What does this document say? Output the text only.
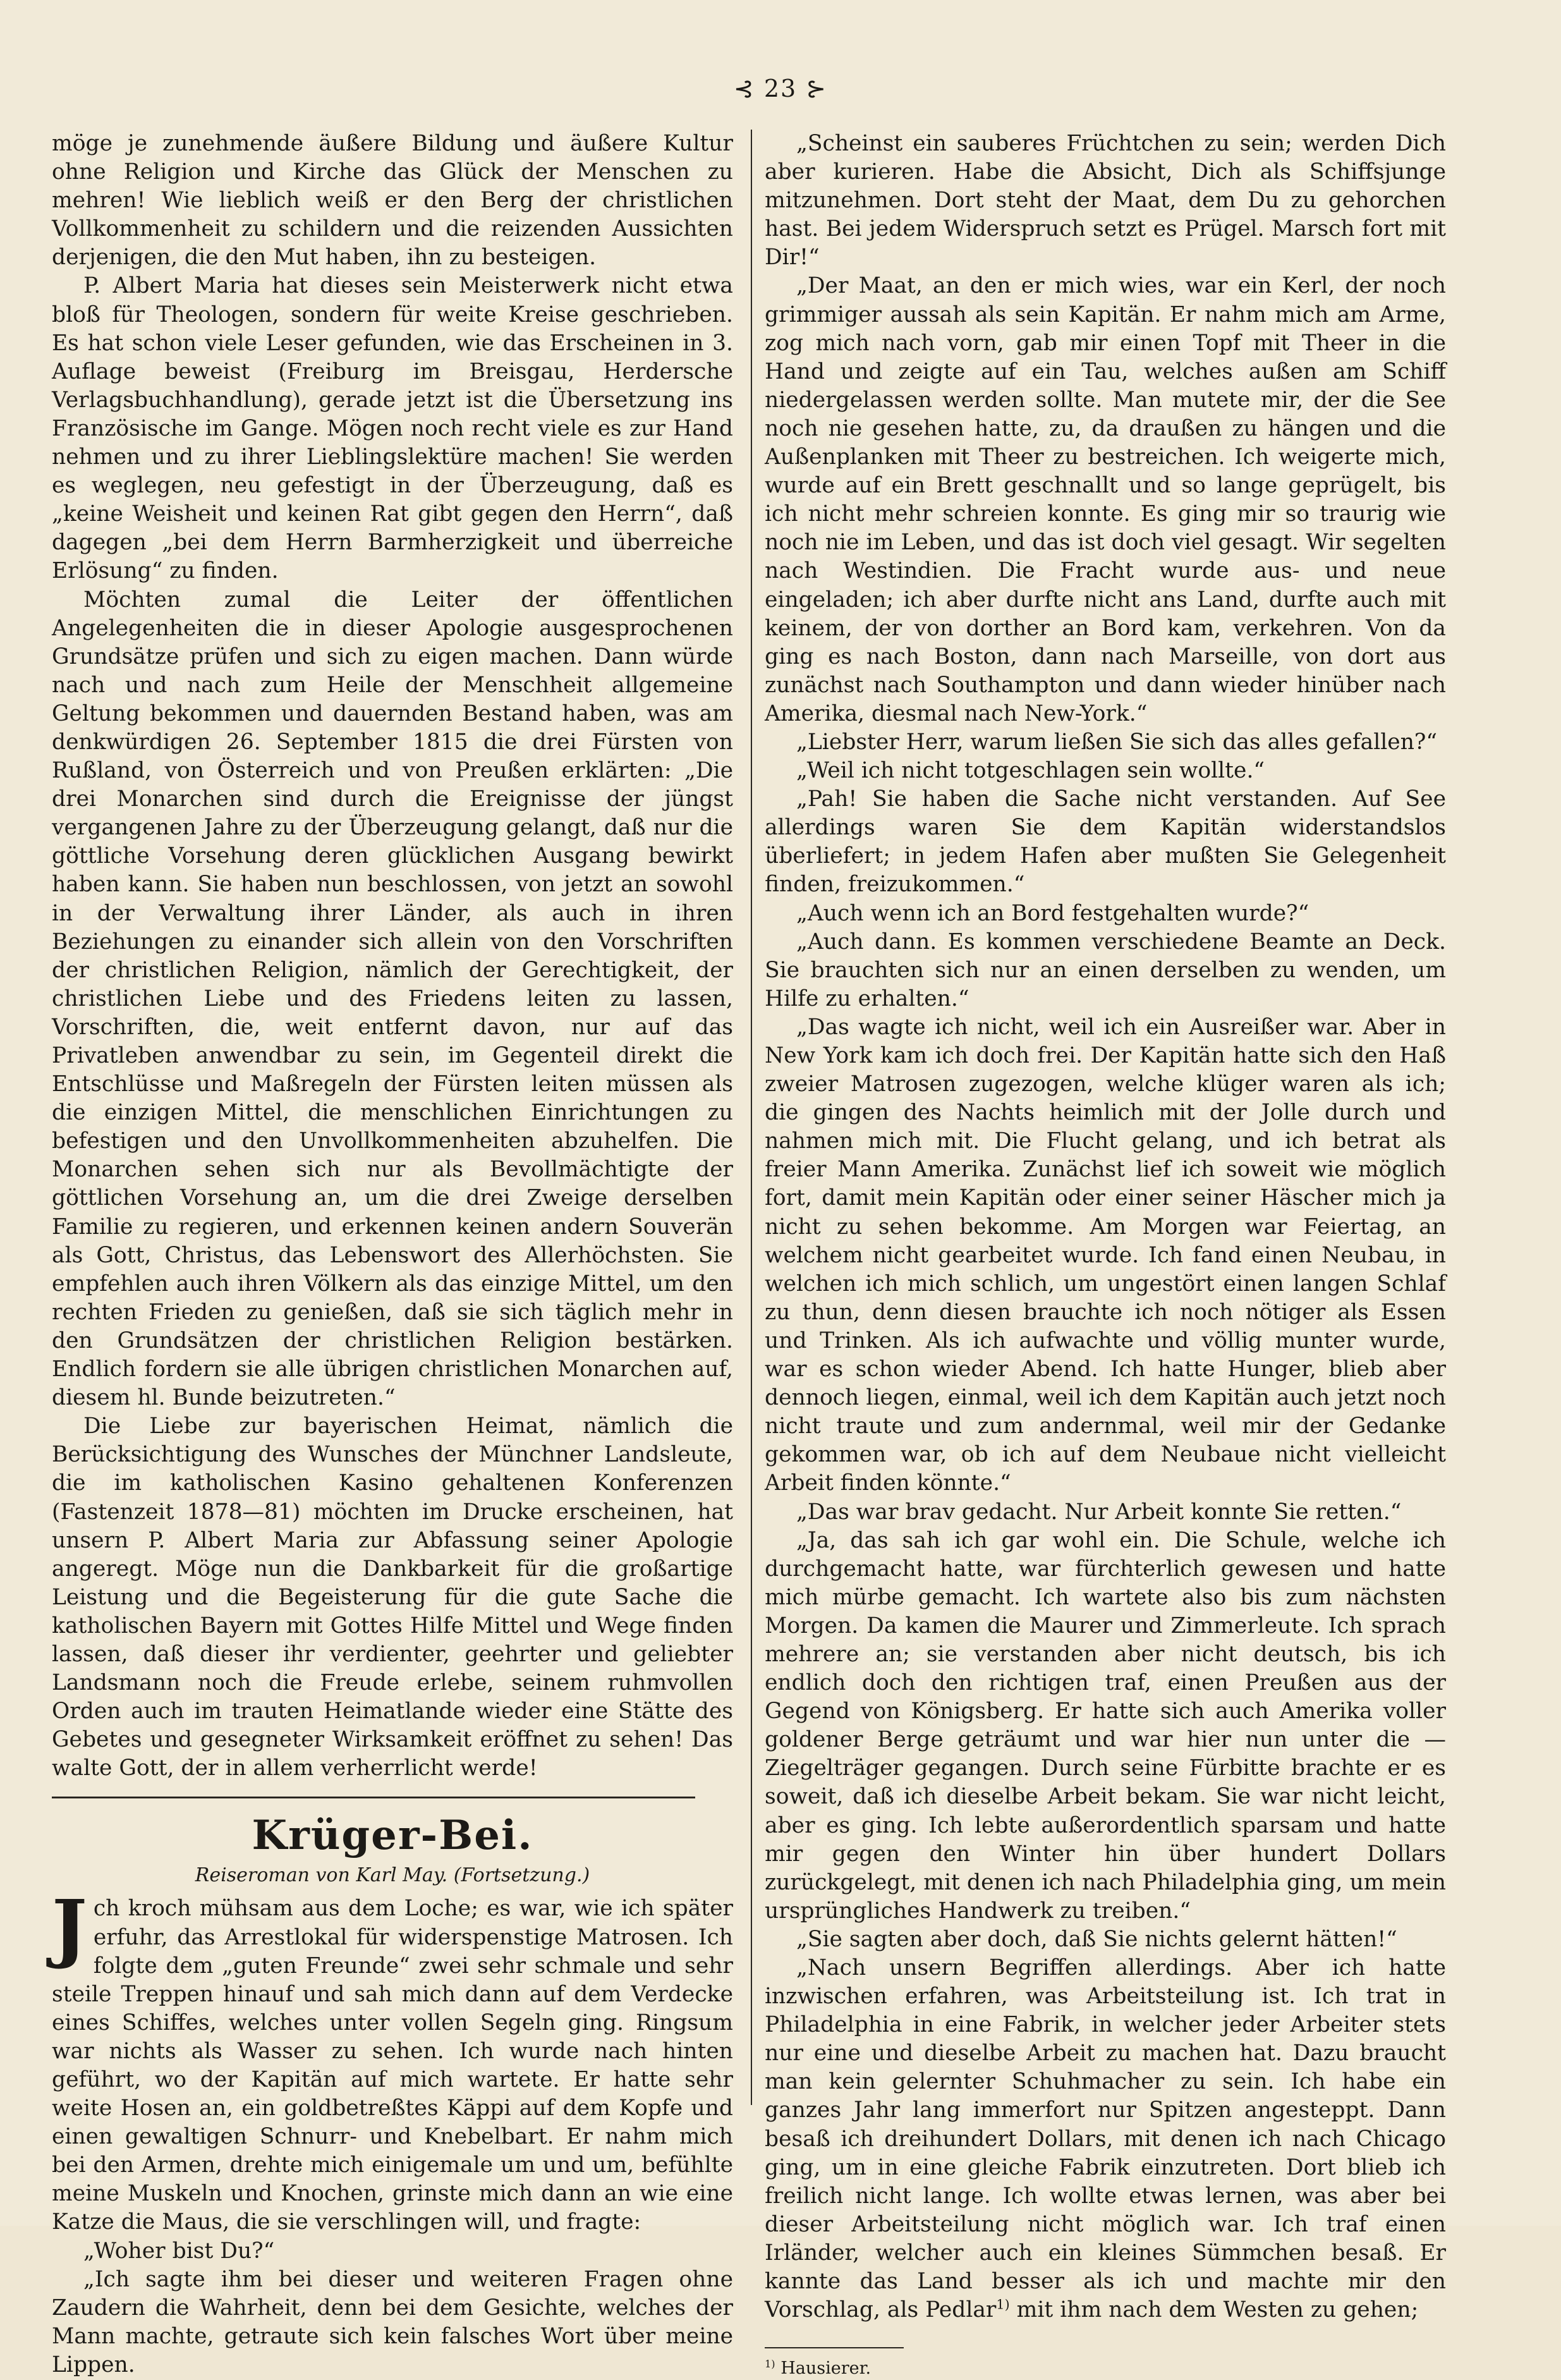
⊰ 23 ⊱

möge je zunehmende äußere Bildung und äußere Kultur ohne Religion und Kirche das Glück der Menschen zu mehren! Wie lieblich weiß er den Berg der christlichen Vollkommenheit zu schildern und die reizenden Aussichten derjenigen, die den Mut haben, ihn zu besteigen.

P. Albert Maria hat dieses sein Meisterwerk nicht etwa bloß für Theologen, sondern für weite Kreise geschrieben. Es hat schon viele Leser gefunden, wie das Erscheinen in 3. Auflage beweist (Freiburg im Breisgau, Herdersche Verlagsbuchhandlung), gerade jetzt ist die Übersetzung ins Französische im Gange. Mögen noch recht viele es zur Hand nehmen und zu ihrer Lieblingslektüre machen! Sie werden es weglegen, neu gefestigt in der Überzeugung, daß es „keine Weisheit und keinen Rat gibt gegen den Herrn“, daß dagegen „bei dem Herrn Barmherzigkeit und überreiche Erlösung“ zu finden.

Möchten zumal die Leiter der öffentlichen Angelegenheiten die in dieser Apologie ausgesprochenen Grundsätze prüfen und sich zu eigen machen. Dann würde nach und nach zum Heile der Menschheit allgemeine Geltung bekommen und dauernden Bestand haben, was am denkwürdigen 26. September 1815 die drei Fürsten von Rußland, von Österreich und von Preußen erklärten: „Die drei Monarchen sind durch die Ereignisse der jüngst vergangenen Jahre zu der Überzeugung gelangt, daß nur die göttliche Vorsehung deren glücklichen Ausgang bewirkt haben kann. Sie haben nun beschlossen, von jetzt an sowohl in der Verwaltung ihrer Länder, als auch in ihren Beziehungen zu einander sich allein von den Vorschriften der christlichen Religion, nämlich der Gerechtigkeit, der christlichen Liebe und des Friedens leiten zu lassen, Vorschriften, die, weit entfernt davon, nur auf das Privatleben anwendbar zu sein, im Gegenteil direkt die Entschlüsse und Maßregeln der Fürsten leiten müssen als die einzigen Mittel, die menschlichen Einrichtungen zu befestigen und den Unvollkommenheiten abzuhelfen. Die Monarchen sehen sich nur als Bevollmächtigte der göttlichen Vorsehung an, um die drei Zweige derselben Familie zu regieren, und erkennen keinen andern Souverän als Gott, Christus, das Lebenswort des Allerhöchsten. Sie empfehlen auch ihren Völkern als das einzige Mittel, um den rechten Frieden zu genießen, daß sie sich täglich mehr in den Grundsätzen der christlichen Religion bestärken. Endlich fordern sie alle übrigen christlichen Monarchen auf, diesem hl. Bunde beizutreten.“

Die Liebe zur bayerischen Heimat, nämlich die Berücksichtigung des Wunsches der Münchner Landsleute, die im katholischen Kasino gehaltenen Konferenzen (Fastenzeit 1878—81) möchten im Drucke erscheinen, hat unsern P. Albert Maria zur Abfassung seiner Apologie angeregt. Möge nun die Dankbarkeit für die großartige Leistung und die Begeisterung für die gute Sache die katholischen Bayern mit Gottes Hilfe Mittel und Wege finden lassen, daß dieser ihr verdienter, geehrter und geliebter Landsmann noch die Freude erlebe, seinem ruhmvollen Orden auch im trauten Heimatlande wieder eine Stätte des Gebetes und gesegneter Wirksamkeit eröffnet zu sehen! Das walte Gott, der in allem verherrlicht werde!

Krüger-Bei.
Reiseroman von Karl May. (Fortsetzung.)

Jch kroch mühsam aus dem Loche; es war, wie ich später erfuhr, das Arrestlokal für widerspenstige Matrosen. Ich folgte dem „guten Freunde“ zwei sehr schmale und sehr steile Treppen hinauf und sah mich dann auf dem Verdecke eines Schiffes, welches unter vollen Segeln ging. Ringsum war nichts als Wasser zu sehen. Ich wurde nach hinten geführt, wo der Kapitän auf mich wartete. Er hatte sehr weite Hosen an, ein goldbetreßtes Käppi auf dem Kopfe und einen gewaltigen Schnurr- und Knebelbart. Er nahm mich bei den Armen, drehte mich einigemale um und um, befühlte meine Muskeln und Knochen, grinste mich dann an wie eine Katze die Maus, die sie verschlingen will, und fragte:

„Woher bist Du?“

„Ich sagte ihm bei dieser und weiteren Fragen ohne Zaudern die Wahrheit, denn bei dem Gesichte, welches der Mann machte, getraute sich kein falsches Wort über meine Lippen.

„Scheinst ein sauberes Früchtchen zu sein; werden Dich aber kurieren. Habe die Absicht, Dich als Schiffsjunge mitzunehmen. Dort steht der Maat, dem Du zu gehorchen hast. Bei jedem Widerspruch setzt es Prügel. Marsch fort mit Dir!“

„Der Maat, an den er mich wies, war ein Kerl, der noch grimmiger aussah als sein Kapitän. Er nahm mich am Arme, zog mich nach vorn, gab mir einen Topf mit Theer in die Hand und zeigte auf ein Tau, welches außen am Schiff niedergelassen werden sollte. Man mutete mir, der die See noch nie gesehen hatte, zu, da draußen zu hängen und die Außenplanken mit Theer zu bestreichen. Ich weigerte mich, wurde auf ein Brett geschnallt und so lange geprügelt, bis ich nicht mehr schreien konnte. Es ging mir so traurig wie noch nie im Leben, und das ist doch viel gesagt. Wir segelten nach Westindien. Die Fracht wurde aus- und neue eingeladen; ich aber durfte nicht ans Land, durfte auch mit keinem, der von dorther an Bord kam, verkehren. Von da ging es nach Boston, dann nach Marseille, von dort aus zunächst nach Southampton und dann wieder hinüber nach Amerika, diesmal nach New-York.“

„Liebster Herr, warum ließen Sie sich das alles gefallen?“

„Weil ich nicht totgeschlagen sein wollte.“

„Pah! Sie haben die Sache nicht verstanden. Auf See allerdings waren Sie dem Kapitän widerstandslos überliefert; in jedem Hafen aber mußten Sie Gelegenheit finden, freizukommen.“

„Auch wenn ich an Bord festgehalten wurde?“

„Auch dann. Es kommen verschiedene Beamte an Deck. Sie brauchten sich nur an einen derselben zu wenden, um Hilfe zu erhalten.“

„Das wagte ich nicht, weil ich ein Ausreißer war. Aber in New York kam ich doch frei. Der Kapitän hatte sich den Haß zweier Matrosen zugezogen, welche klüger waren als ich; die gingen des Nachts heimlich mit der Jolle durch und nahmen mich mit. Die Flucht gelang, und ich betrat als freier Mann Amerika. Zunächst lief ich soweit wie möglich fort, damit mein Kapitän oder einer seiner Häscher mich ja nicht zu sehen bekomme. Am Morgen war Feiertag, an welchem nicht gearbeitet wurde. Ich fand einen Neubau, in welchen ich mich schlich, um ungestört einen langen Schlaf zu thun, denn diesen brauchte ich noch nötiger als Essen und Trinken. Als ich aufwachte und völlig munter wurde, war es schon wieder Abend. Ich hatte Hunger, blieb aber dennoch liegen, einmal, weil ich dem Kapitän auch jetzt noch nicht traute und zum andernmal, weil mir der Gedanke gekommen war, ob ich auf dem Neubaue nicht vielleicht Arbeit finden könnte.“

„Das war brav gedacht. Nur Arbeit konnte Sie retten.“

„Ja, das sah ich gar wohl ein. Die Schule, welche ich durchgemacht hatte, war fürchterlich gewesen und hatte mich mürbe gemacht. Ich wartete also bis zum nächsten Morgen. Da kamen die Maurer und Zimmerleute. Ich sprach mehrere an; sie verstanden aber nicht deutsch, bis ich endlich doch den richtigen traf, einen Preußen aus der Gegend von Königsberg. Er hatte sich auch Amerika voller goldener Berge geträumt und war hier nun unter die — Ziegelträger gegangen. Durch seine Fürbitte brachte er es soweit, daß ich dieselbe Arbeit bekam. Sie war nicht leicht, aber es ging. Ich lebte außerordentlich sparsam und hatte mir gegen den Winter hin über hundert Dollars zurückgelegt, mit denen ich nach Philadelphia ging, um mein ursprüngliches Handwerk zu treiben.“

„Sie sagten aber doch, daß Sie nichts gelernt hätten!“

„Nach unsern Begriffen allerdings. Aber ich hatte inzwischen erfahren, was Arbeitsteilung ist. Ich trat in Philadelphia in eine Fabrik, in welcher jeder Arbeiter stets nur eine und dieselbe Arbeit zu machen hat. Dazu braucht man kein gelernter Schuhmacher zu sein. Ich habe ein ganzes Jahr lang immerfort nur Spitzen angesteppt. Dann besaß ich dreihundert Dollars, mit denen ich nach Chicago ging, um in eine gleiche Fabrik einzutreten. Dort blieb ich freilich nicht lange. Ich wollte etwas lernen, was aber bei dieser Arbeitsteilung nicht möglich war. Ich traf einen Irländer, welcher auch ein kleines Sümmchen besaß. Er kannte das Land besser als ich und machte mir den Vorschlag, als Pedlar$^{1)}$ mit ihm nach dem Westen zu gehen;

$^{1)}$ Hausierer.
